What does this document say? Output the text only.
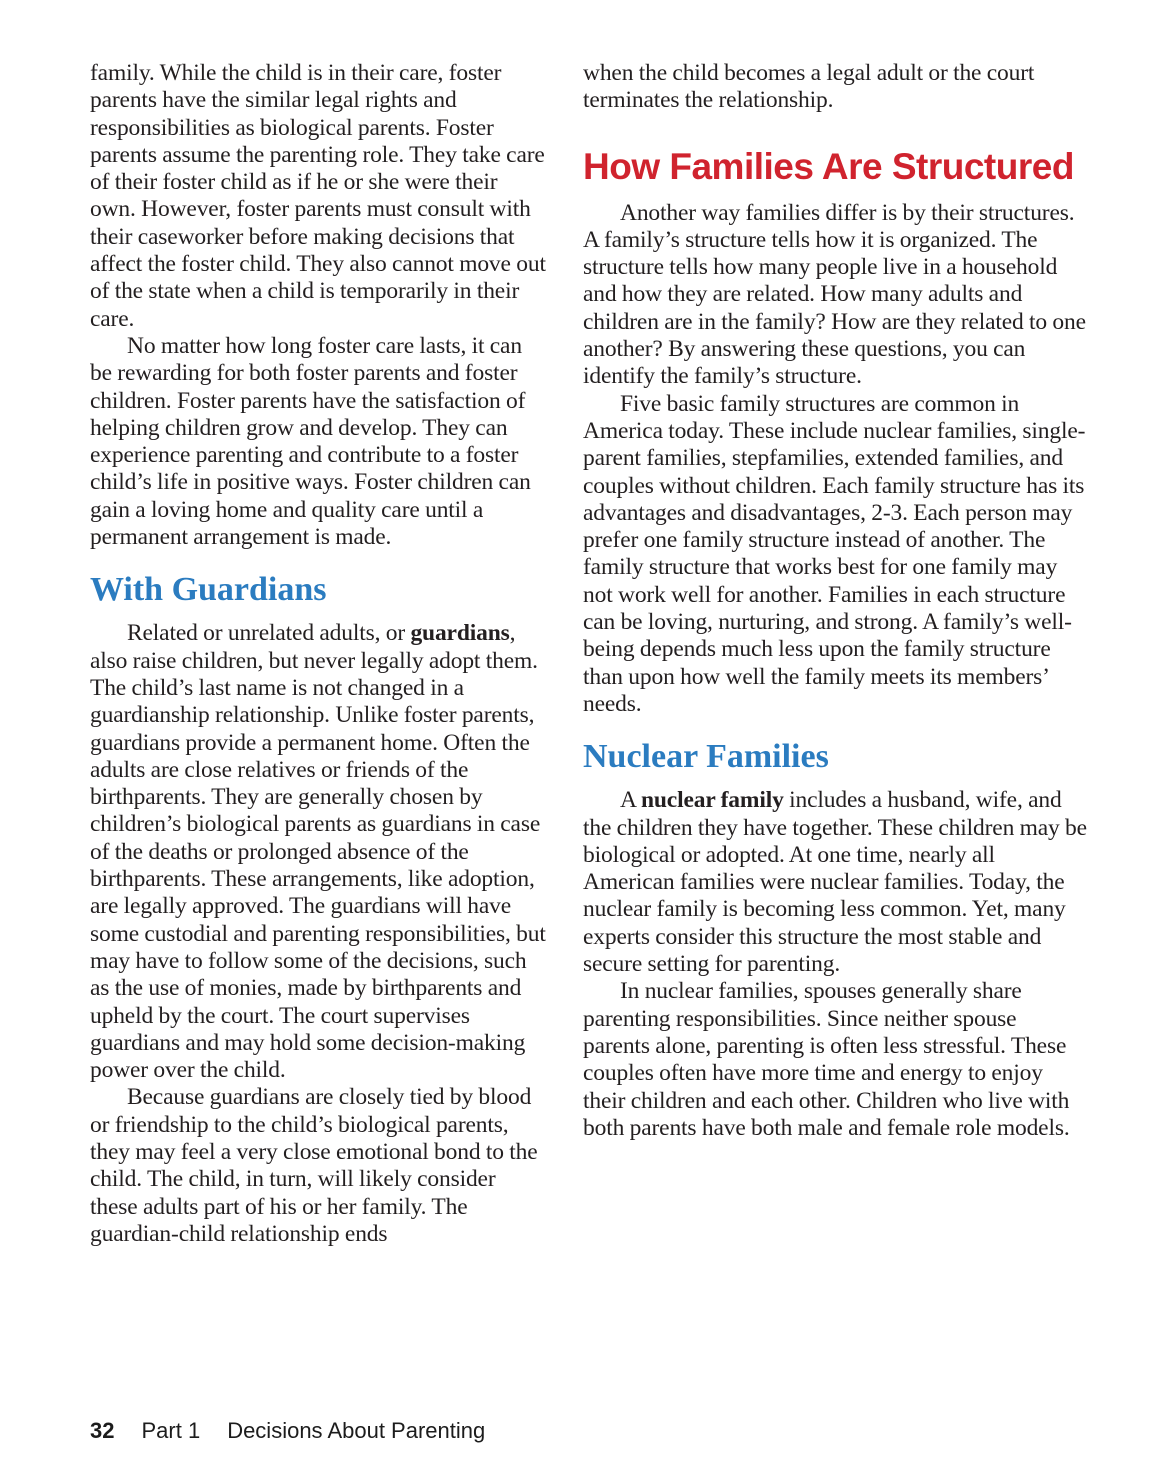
family. While the child is in their care, foster parents have the similar legal rights and responsibilities as biological parents. Foster parents assume the parenting role. They take care of their foster child as if he or she were their own. However, foster parents must consult with their caseworker before making decisions that affect the foster child. They also cannot move out of the state when a child is temporarily in their care.

No matter how long foster care lasts, it can be rewarding for both foster parents and foster children. Foster parents have the satisfaction of helping children grow and develop. They can experience parenting and contribute to a foster child’s life in positive ways. Foster children can gain a loving home and quality care until a permanent arrangement is made.

With Guardians

Related or unrelated adults, or guardians, also raise children, but never legally adopt them. The child’s last name is not changed in a guardianship relationship. Unlike foster parents, guardians provide a permanent home. Often the adults are close relatives or friends of the birthparents. They are generally chosen by children’s biological parents as guardians in case of the deaths or prolonged absence of the birthparents. These arrangements, like adoption, are legally approved. The guardians will have some custodial and parenting responsibilities, but may have to follow some of the decisions, such as the use of monies, made by birthparents and upheld by the court. The court supervises guardians and may hold some decision-making power over the child.

Because guardians are closely tied by blood or friendship to the child’s biological parents, they may feel a very close emotional bond to the child. The child, in turn, will likely consider these adults part of his or her family. The guardian-child relationship ends

when the child becomes a legal adult or the court terminates the relationship.

How Families Are Structured

Another way families differ is by their structures. A family’s structure tells how it is organized. The structure tells how many people live in a household and how they are related. How many adults and children are in the family? How are they related to one another? By answering these questions, you can identify the family’s structure.

Five basic family structures are common in America today. These include nuclear families, single-parent families, stepfamilies, extended families, and couples without children. Each family structure has its advantages and disadvantages, 2-3. Each person may prefer one family structure instead of another. The family structure that works best for one family may not work well for another. Families in each structure can be loving, nurturing, and strong. A family’s well-being depends much less upon the family structure than upon how well the family meets its members’ needs.

Nuclear Families

A nuclear family includes a husband, wife, and the children they have together. These children may be biological or adopted. At one time, nearly all American families were nuclear families. Today, the nuclear family is becoming less common. Yet, many experts consider this structure the most stable and secure setting for parenting.

In nuclear families, spouses generally share parenting responsibilities. Since neither spouse parents alone, parenting is often less stressful. These couples often have more time and energy to enjoy their children and each other. Children who live with both parents have both male and female role models.

32 Part 1 Decisions About Parenting
